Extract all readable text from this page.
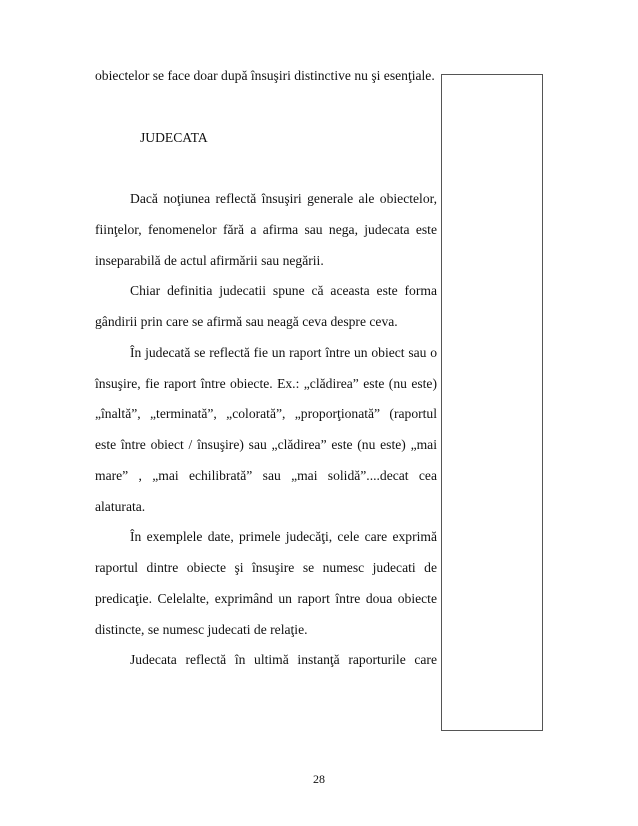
obiectelor se face doar după însuşiri distinctive nu şi esenţiale.

JUDECATA

Dacă noţiunea reflectă însuşiri generale ale obiectelor, fiinţelor, fenomenelor fără a afirma sau nega, judecata este inseparabilă de actul afirmării sau negării.

Chiar definitia judecatii spune că aceasta este forma gândirii prin care se afirmă sau neagă ceva despre ceva.

În judecată se reflectă fie un raport între un obiect sau o însuşire, fie raport între obiecte. Ex.: „clădirea” este (nu este) „înaltă”, „terminată”, „colorată”, „proporţionată” (raportul este între obiect / însuşire) sau „clădirea” este (nu este) „mai mare” , „mai echilibrată” sau „mai solidă”....decat cea alaturata.

În exemplele date, primele judecăţi, cele care exprimă raportul dintre obiecte şi însuşire se numesc judecati de predicaţie. Celelalte, exprimând un raport între doua obiecte distincte, se numesc judecati de relaţie.

Judecata reflectă în ultimă instanţă raporturile care

28
